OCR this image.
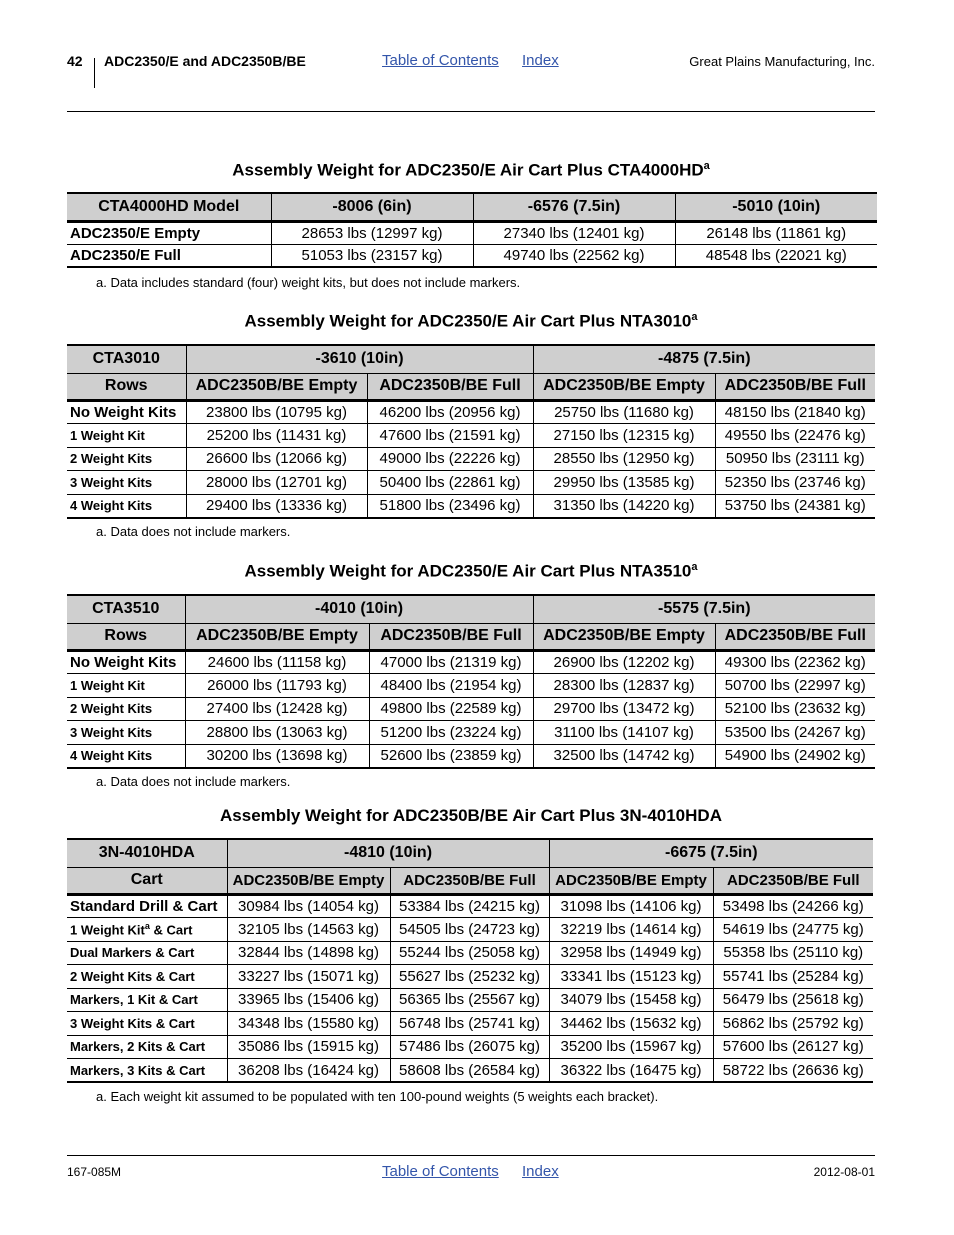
42 ADC2350/E and ADC2350B/BE	Table of Contents Index	Great Plains Manufacturing, Inc.
Assembly Weight for ADC2350/E Air Cart Plus $CTA4000HD^a$
CTA4000HD Model	-8006 (6in)	-6576 (7.5in)	-5010 (10in)
ADC2350/E Empty	28653 lbs (12997 kg)	27340 lbs (12401 kg)	26148 lbs (11861 kg)
ADC2350/E Full	51053 lbs (23157 kg)	49740 lbs (22562 kg)	48548 lbs (22021 kg)
a. Data includes standard (four) weight kits, but does not include markers.
Assembly Weight for ADC2350/E Air Cart Plus NTA3010$^a$
CTA3010	-3610 (10in)		-4875 (7.5in)	
Rows	ADC2350B/BE Empty	ADC2350B/BE Full	ADC2350B/BE Empty	ADC2350B/BE Full
No Weight Kits	23800 lbs (10795 kg)	46200 lbs (20956 kg)	25750 lbs (11680 kg)	48150 lbs (21840 kg)
1 Weight Kit	25200 lbs (11431 kg)	47600 lbs (21591 kg)	27150 lbs (12315 kg)	49550 lbs (22476 kg)
2 Weight Kits	26600 lbs (12066 kg)	49000 lbs (22226 kg)	28550 lbs (12950 kg)	50950 lbs (23111 kg)
3 Weight Kits	28000 lbs (12701 kg)	50400 lbs (22861 kg)	29950 lbs (13585 kg)	52350 lbs (23746 kg)
4 Weight Kits	29400 lbs (13336 kg)	51800 lbs (23496 kg)	31350 lbs (14220 kg)	53750 lbs (24381 kg)
a. Data does not include markers.
Assembly Weight for ADC2350/E Air Cart Plus NTA3510$^a$
CTA3510	-4010 (10in)		-5575 (7.5in)	
Rows	ADC2350B/BE Empty	ADC2350B/BE Full	ADC2350B/BE Empty	ADC2350B/BE Full
No Weight Kits	24600 lbs (11158 kg)	47000 lbs (21319 kg)	26900 lbs (12202 kg)	49300 lbs (22362 kg)
1 Weight Kit	26000 lbs (11793 kg)	48400 lbs (21954 kg)	28300 lbs (12837 kg)	50700 lbs (22997 kg)
2 Weight Kits	27400 lbs (12428 kg)	49800 lbs (22589 kg)	29700 lbs (13472 kg)	52100 lbs (23632 kg)
3 Weight Kits	28800 lbs (13063 kg)	51200 lbs (23224 kg)	31100 lbs (14107 kg)	53500 lbs (24267 kg)
4 Weight Kits	30200 lbs (13698 kg)	52600 lbs (23859 kg)	32500 lbs (14742 kg)	54900 lbs (24902 kg)
a. Data does not include markers.
Assembly Weight for ADC2350B/BE Air Cart Plus 3N-4010HDA
3N-4010HDA	-4810 (10in)		-6675 (7.5in)	
Cart	ADC2350B/BE Empty	ADC2350B/BE Full	ADC2350B/BE Empty	ADC2350B/BE Full
Standard Drill & Cart	30984 lbs (14054 kg)	53384 lbs (24215 kg)	31098 lbs (14106 kg)	53498 lbs (24266 kg)
1 Weight Kit$^a$ & Cart	32105 lbs (14563 kg)	54505 lbs (24723 kg)	32219 lbs (14614 kg)	54619 lbs (24775 kg)
Dual Markers & Cart	32844 lbs (14898 kg)	55244 lbs (25058 kg)	32958 lbs (14949 kg)	55358 lbs (25110 kg)
2 Weight Kits & Cart	33227 lbs (15071 kg)	55627 lbs (25232 kg)	33341 lbs (15123 kg)	55741 lbs (25284 kg)
Markers, 1 Kit & Cart	33965 lbs (15406 kg)	56365 lbs (25567 kg)	34079 lbs (15458 kg)	56479 lbs (25618 kg)
3 Weight Kits & Cart	34348 lbs (15580 kg)	56748 lbs (25741 kg)	34462 lbs (15632 kg)	56862 lbs (25792 kg)
Markers, 2 Kits & Cart	35086 lbs (15915 kg)	57486 lbs (26075 kg)	35200 lbs (15967 kg)	57600 lbs (26127 kg)
Markers, 3 Kits & Cart	36208 lbs (16424 kg)	58608 lbs (26584 kg)	36322 lbs (16475 kg)	58722 lbs (26636 kg)
a. Each weight kit assumed to be populated with ten 100-pound weights (5 weights each bracket).
167-085M	Table of Contents Index	2012-08-01
